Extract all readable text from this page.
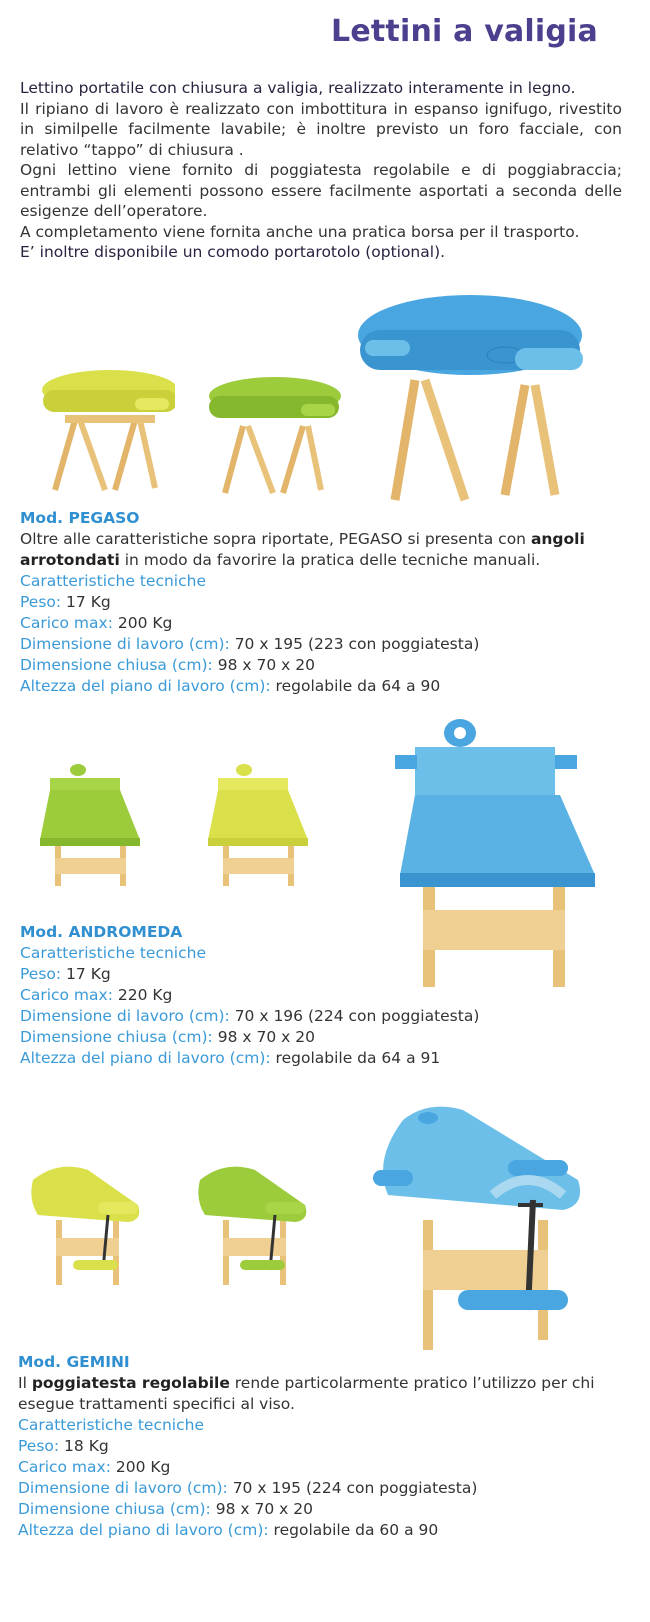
Lettini a valigia

Lettino portatile con chiusura a valigia, realizzato interamente in legno.

Il ripiano di lavoro è realizzato con imbottitura in espanso ignifugo, rivestito in similpelle facilmente lavabile; è inoltre previsto un foro facciale, con relativo “tappo” di chiusura .

Ogni lettino viene fornito di poggiatesta regolabile e di poggiabraccia; entrambi gli elementi possono essere facilmente asportati a seconda delle esigenze dell’operatore.

A completamento viene fornita anche una pratica borsa per il trasporto.

E’ inoltre disponibile un comodo portarotolo (optional).

Mod. PEGASO
Oltre alle caratteristiche sopra riportate, PEGASO si presenta con angoli arrotondati in modo da favorire la pratica delle tecniche manuali.
Caratteristiche tecniche
Peso: 17 Kg
Carico max: 200 Kg
Dimensione di lavoro (cm): 70 x 195 (223 con poggiatesta)
Dimensione chiusa (cm): 98 x 70 x 20
Altezza del piano di lavoro (cm): regolabile da 64 a 90
Mod. ANDROMEDA
Caratteristiche tecniche
Peso: 17 Kg
Carico max: 220 Kg
Dimensione di lavoro (cm): 70 x 196 (224 con poggiatesta)
Dimensione chiusa (cm): 98 x 70 x 20
Altezza del piano di lavoro (cm): regolabile da 64 a 91
Mod. GEMINI
Il poggiatesta regolabile rende particolarmente pratico l’utilizzo per chi esegue trattamenti specifici al viso.
Caratteristiche tecniche
Peso: 18 Kg
Carico max: 200 Kg
Dimensione di lavoro (cm): 70 x 195 (224 con poggiatesta)
Dimensione chiusa (cm): 98 x 70 x 20
Altezza del piano di lavoro (cm): regolabile da 60 a 90
